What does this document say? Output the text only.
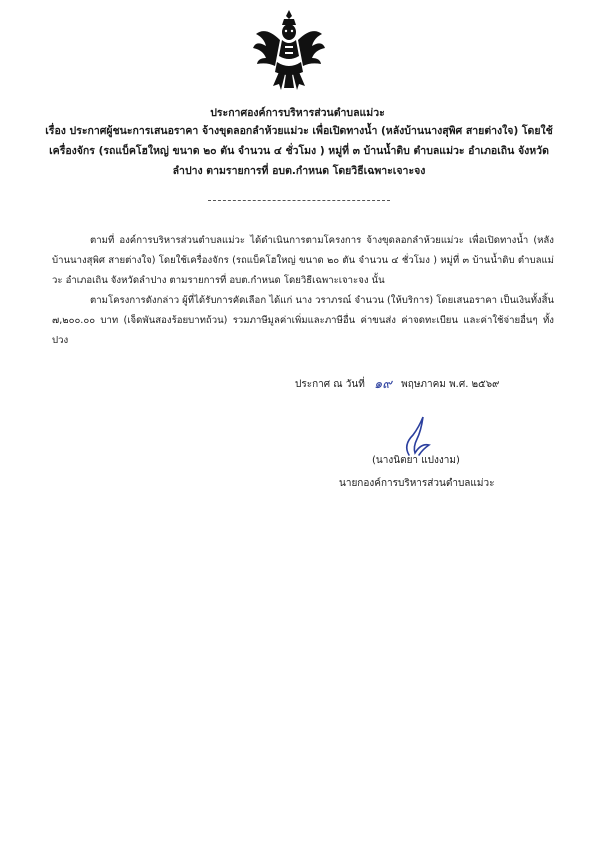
ประกาศองค์การบริหารส่วนตำบลแม่วะ
เรื่อง ประกาศผู้ชนะการเสนอราคา จ้างขุดลอกลำห้วยแม่วะ เพื่อเปิดทางน้ำ (หลังบ้านนางสุพิศ สายต่างใจ) โดยใช้เครื่องจักร (รถแบ็คโฮใหญ่ ขนาด ๒๐ ตัน จำนวน ๔ ชั่วโมง ) หมู่ที่ ๓ บ้านน้ำดิบ ตำบลแม่วะ อำเภอเถิน จังหวัดลำปาง ตามรายการที่ อบต.กำหนด โดยวิธีเฉพาะเจาะจง
ตามที่ องค์การบริหารส่วนตำบลแม่วะ ได้ดำเนินการตามโครงการ จ้างขุดลอกลำห้วยแม่วะ เพื่อเปิดทางน้ำ (หลังบ้านนางสุพิศ สายต่างใจ) โดยใช้เครื่องจักร (รถแบ็คโฮใหญ่ ขนาด ๒๐ ตัน จำนวน ๔ ชั่วโมง ) หมู่ที่ ๓ บ้านน้ำดิบ ตำบลแม่วะ อำเภอเถิน จังหวัดลำปาง ตามรายการที่ อบต.กำหนด โดยวิธีเฉพาะเจาะจง นั้น
ตามโครงการดังกล่าว ผู้ที่ได้รับการคัดเลือก ได้แก่ นาง วราภรณ์ จำนวน (ให้บริการ) โดยเสนอราคา เป็นเงินทั้งสิ้น ๗,๒๐๐.๐๐ บาท (เจ็ดพันสองร้อยบาทถ้วน) รวมภาษีมูลค่าเพิ่มและภาษีอื่น ค่าขนส่ง ค่าจดทะเบียน และค่าใช้จ่ายอื่นๆ ทั้งปวง
ประกาศ ณ วันที่ ๑๙ พฤษภาคม พ.ศ. ๒๕๖๙
(นางนิตยา แปงงาม)
นายกองค์การบริหารส่วนตำบลแม่วะ
